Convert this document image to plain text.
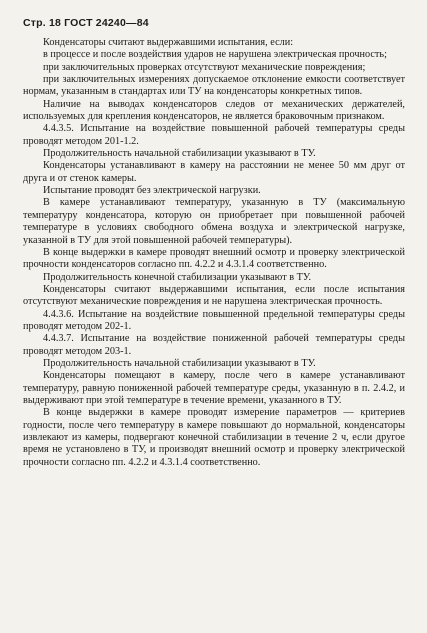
Стр. 18 ГОСТ 24240—84

Конденсаторы считают выдержавшими испытания, если:

в процессе и после воздействия ударов не нарушена электрическая прочность;

при заключительных проверках отсутствуют механические повреждения;

при заключительных измерениях допускаемое отклонение емкости соответствует нормам, указанным в стандартах или ТУ на конденсаторы конкретных типов.

Наличие на выводах конденсаторов следов от механических держателей, используемых для крепления конденсаторов, не является браковочным признаком.

4.4.3.5. Испытание на воздействие повышенной рабочей температуры среды проводят методом 201-1.2.

Продолжительность начальной стабилизации указывают в ТУ.

Конденсаторы устанавливают в камеру на расстоянии не менее 50 мм друг от друга и от стенок камеры.

Испытание проводят без электрической нагрузки.

В камере устанавливают температуру, указанную в ТУ (максимальную температуру конденсатора, которую он приобретает при повышенной рабочей температуре в условиях свободного обмена воздуха и электрической нагрузке, указанной в ТУ для этой повышенной рабочей температуры).

В конце выдержки в камере проводят внешний осмотр и проверку электрической прочности конденсаторов согласно пп. 4.2.2 и 4.3.1.4 соответственно.

Продолжительность конечной стабилизации указывают в ТУ.

Конденсаторы считают выдержавшими испытания, если после испытания отсутствуют механические повреждения и не нарушена электрическая прочность.

4.4.3.6. Испытание на воздействие повышенной предельной температуры среды проводят методом 202-1.

4.4.3.7. Испытание на воздействие пониженной рабочей температуры среды проводят методом 203-1.

Продолжительность начальной стабилизации указывают в ТУ.

Конденсаторы помещают в камеру, после чего в камере устанавливают температуру, равную пониженной рабочей температуре среды, указанную в п. 2.4.2, и выдерживают при этой температуре в течение времени, указанного в ТУ.

В конце выдержки в камере проводят измерение параметров — критериев годности, после чего температуру в камере повышают до нормальной, конденсаторы извлекают из камеры, подвергают конечной стабилизации в течение 2 ч, если другое время не установлено в ТУ, и производят внешний осмотр и проверку электрической прочности согласно пп. 4.2.2 и 4.3.1.4 соответственно.
